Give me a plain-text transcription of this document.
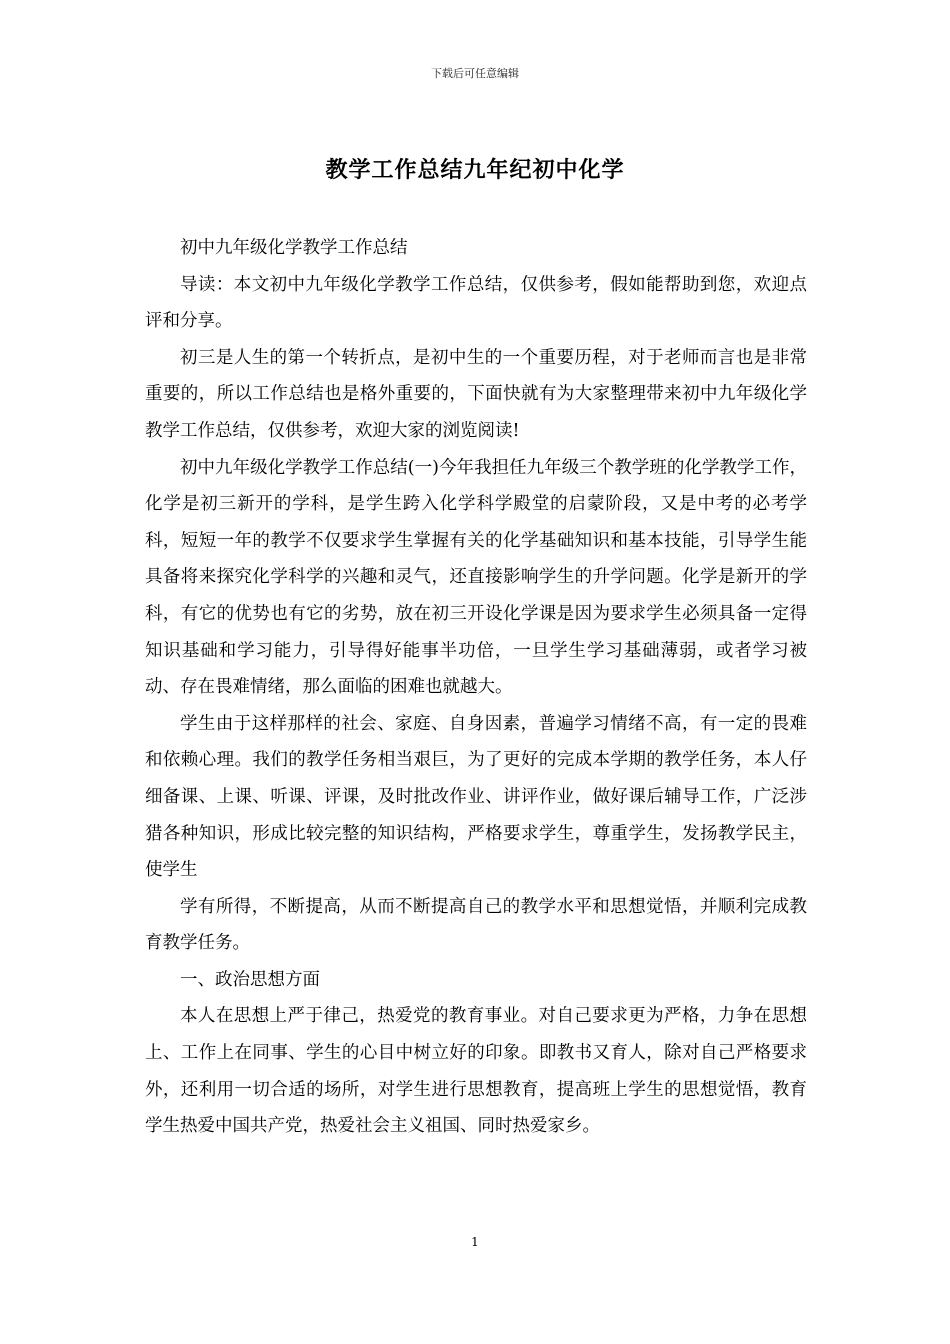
下载后可任意编辑
教学工作总结九年纪初中化学

初中九年级化学教学工作总结

导读：本文初中九年级化学教学工作总结，仅供参考，假如能帮助到您，欢迎点评和分享。

初三是人生的第一个转折点，是初中生的一个重要历程，对于老师而言也是非常重要的，所以工作总结也是格外重要的，下面快就有为大家整理带来初中九年级化学教学工作总结，仅供参考，欢迎大家的浏览阅读!

初中九年级化学教学工作总结(一)今年我担任九年级三个教学班的化学教学工作，化学是初三新开的学科，是学生跨入化学科学殿堂的启蒙阶段，又是中考的必考学科，短短一年的教学不仅要求学生掌握有关的化学基础知识和基本技能，引导学生能具备将来探究化学科学的兴趣和灵气，还直接影响学生的升学问题。化学是新开的学科，有它的优势也有它的劣势，放在初三开设化学课是因为要求学生必须具备一定得知识基础和学习能力，引导得好能事半功倍，一旦学生学习基础薄弱，或者学习被动、存在畏难情绪，那么面临的困难也就越大。

学生由于这样那样的社会、家庭、自身因素，普遍学习情绪不高，有一定的畏难和依赖心理。我们的教学任务相当艰巨，为了更好的完成本学期的教学任务，本人仔细备课、上课、听课、评课，及时批改作业、讲评作业，做好课后辅导工作，广泛涉猎各种知识，形成比较完整的知识结构，严格要求学生，尊重学生，发扬教学民主，使学生

学有所得，不断提高，从而不断提高自己的教学水平和思想觉悟，并顺利完成教育教学任务。

一、政治思想方面

本人在思想上严于律己，热爱党的教育事业。对自己要求更为严格，力争在思想上、工作上在同事、学生的心目中树立好的印象。即教书又育人，除对自己严格要求外，还利用一切合适的场所，对学生进行思想教育，提高班上学生的思想觉悟，教育学生热爱中国共产党，热爱社会主义祖国、同时热爱家乡。

1
